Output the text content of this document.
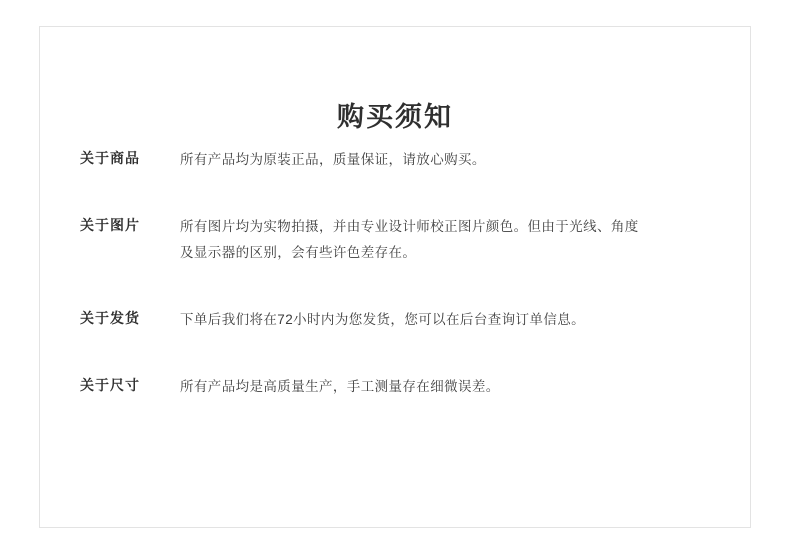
购买须知
关于商品	所有产品均为原装正品，质量保证，请放心购买。
关于图片	所有图片均为实物拍摄，并由专业设计师校正图片颜色。但由于光线、角度及显示器的区别，会有些许色差存在。
关于发货	下单后我们将在72小时内为您发货，您可以在后台查询订单信息。
关于尺寸	所有产品均是高质量生产，手工测量存在细微误差。
